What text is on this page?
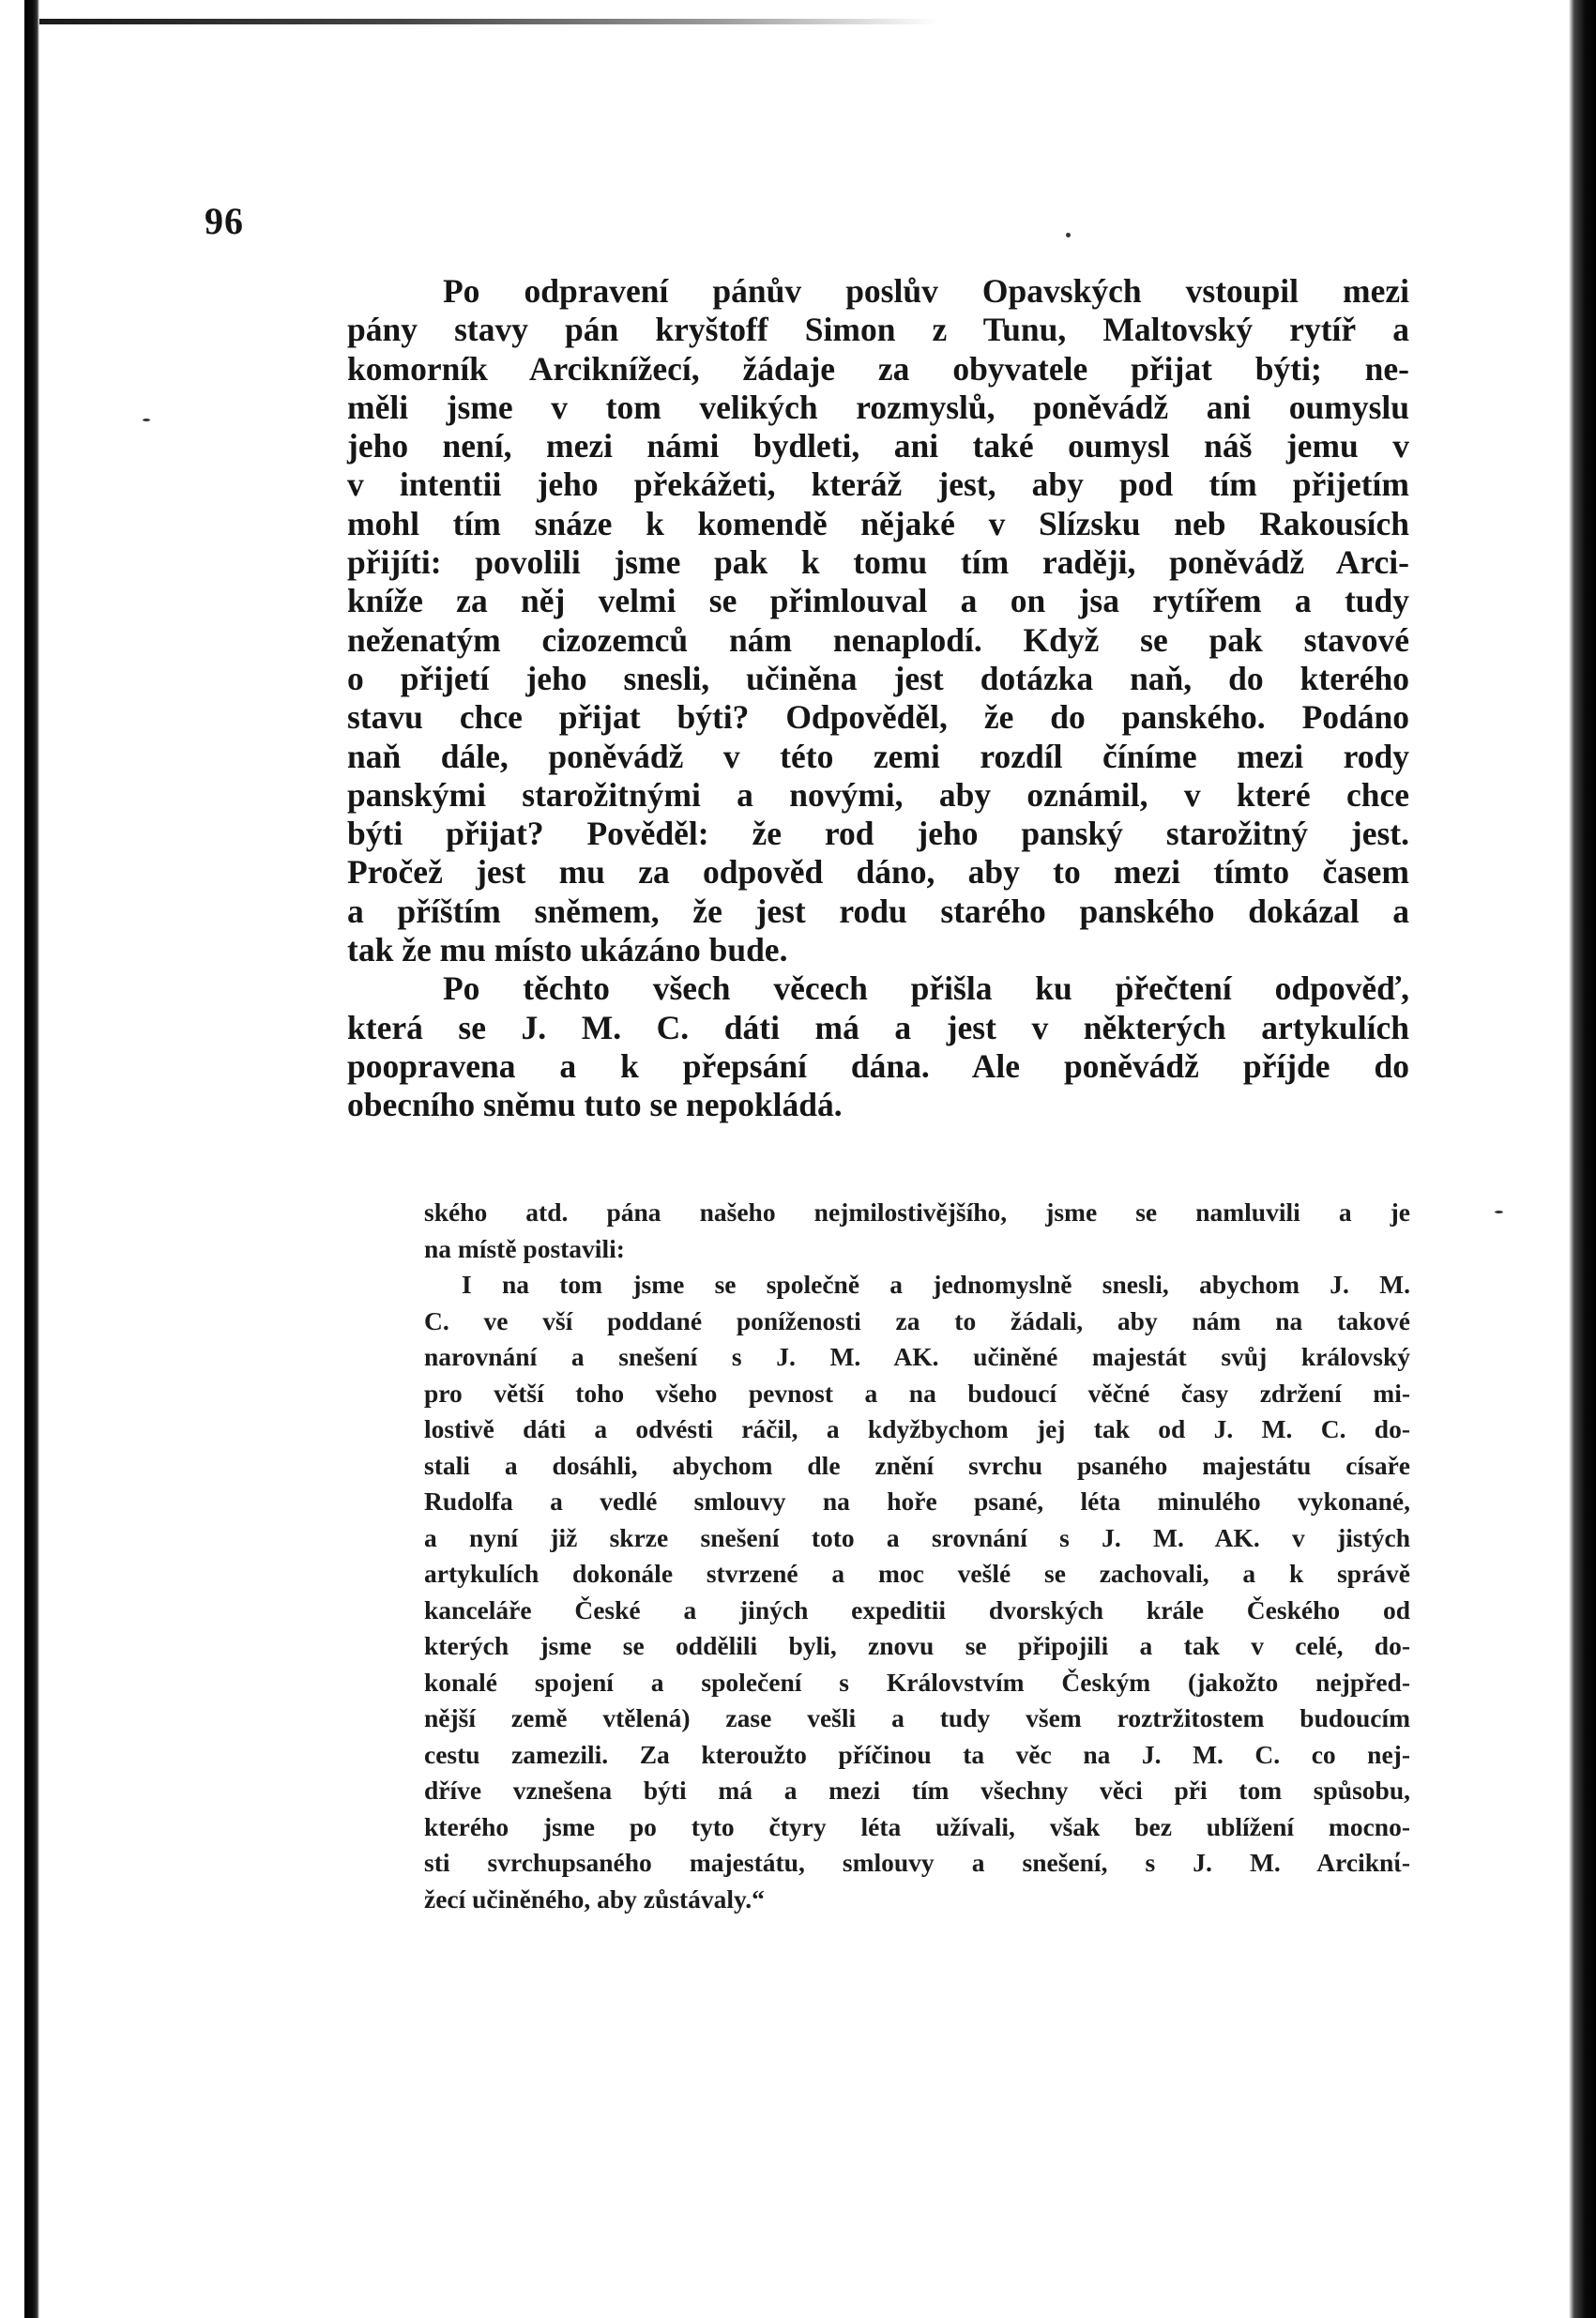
96
Po odpravení pánův poslův Opavských vstoupil mezi
pány stavy pán kryštoff Simon z Tunu, Maltovský rytíř a
komorník Arciknížecí, žádaje za obyvatele přijat býti; ne-
měli jsme v tom velikých rozmyslů, poněvádž ani oumyslu
jeho není, mezi námi bydleti, ani také oumysl náš jemu v
v intentii jeho překážeti, kteráž jest, aby pod tím přijetím
mohl tím snáze k komendě nějaké v Slízsku neb Rakousích
přijíti: povolili jsme pak k tomu tím raději, poněvádž Arci-
kníže za něj velmi se přimlouval a on jsa rytířem a tudy
neženatým cizozemců nám nenaplodí. Když se pak stavové
o přijetí jeho snesli, učiněna jest dotázka naň, do kterého
stavu chce přijat býti? Odpověděl, že do panského. Podáno
naň dále, poněvádž v této zemi rozdíl číníme mezi rody
panskými starožitnými a novými, aby oznámil, v které chce
býti přijat? Pověděl: že rod jeho panský starožitný jest.
Pročež jest mu za odpověd dáno, aby to mezi tímto časem
a příštím sněmem, že jest rodu starého panského dokázal a
tak že mu místo ukázáno bude.
Po těchto všech věcech přišla ku přečtení odpověď,
která se J. M. C. dáti má a jest v některých artykulích
poopravena a k přepsání dána. Ale poněvádž příjde do
obecního sněmu tuto se nepokládá.
ského atd. pána našeho nejmilostivějšího, jsme se namluvili a je
na místě postavili:
I na tom jsme se společně a jednomyslně snesli, abychom J. M.
C. ve vší poddané poníženosti za to žádali, aby nám na takové
narovnání a snešení s J. M. AK. učiněné majestát svůj královský
pro větší toho všeho pevnost a na budoucí věčné časy zdržení mi-
lostivě dáti a odvésti ráčil, a kdyžbychom jej tak od J. M. C. do-
stali a dosáhli, abychom dle znění svrchu psaného majestátu císaře
Rudolfa a vedlé smlouvy na hoře psané, léta minulého vykonané,
a nyní již skrze snešení toto a srovnání s J. M. AK. v jistých
artykulích dokonále stvrzené a moc vešlé se zachovali, a k správě
kanceláře České a jiných expeditii dvorských krále Českého od
kterých jsme se oddělili byli, znovu se připojili a tak v celé, do-
konalé spojení a společení s Královstvím Českým (jakožto nejpřed-
nější země vtělená) zase vešli a tudy všem roztržitostem budoucím
cestu zamezili. Za kteroužto příčinou ta věc na J. M. C. co nej-
dříve vznešena býti má a mezi tím všechny věci při tom spůsobu,
kterého jsme po tyto čtyry léta užívali, však bez ublížení mocno-
sti svrchupsaného majestátu, smlouvy a snešení, s J. M. Arciknί-
žecí učiněného, aby zůstávaly.“
